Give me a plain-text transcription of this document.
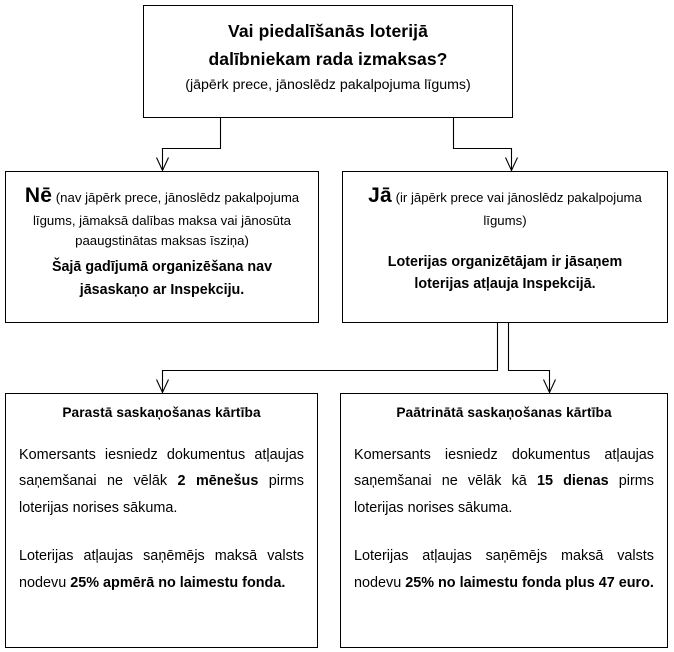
Vai piedalīšanās loterijā
dalībniekam rada izmaksas?
(jāpērk prece, jānoslēdz pakalpojuma līgums)
Nē (nav jāpērk prece, jānoslēdz pakalpojuma
līgums, jāmaksā dalības maksa vai jānosūta
paaugstinātas maksas īsziņa)
Šajā gadījumā organizēšana nav
jāsaskaņo ar Inspekciju.
Jā (ir jāpērk prece vai jānoslēdz pakalpojuma
līgums)
Loterijas organizētājam ir jāsaņem
loterijas atļauja Inspekcijā.
Parastā saskaņošanas kārtība
Komersants iesniedz dokumentus atļaujas saņemšanai ne vēlāk 2 mēnešus pirms loterijas norises sākuma.
Loterijas atļaujas saņēmējs maksā valsts nodevu 25% apmērā no laimestu fonda.
Paātrinātā saskaņošanas kārtība
Komersants iesniedz dokumentus atļaujas saņemšanai ne vēlāk kā 15 dienas pirms loterijas norises sākuma.
Loterijas atļaujas saņēmējs maksā valsts nodevu 25% no laimestu fonda plus 47 euro.
